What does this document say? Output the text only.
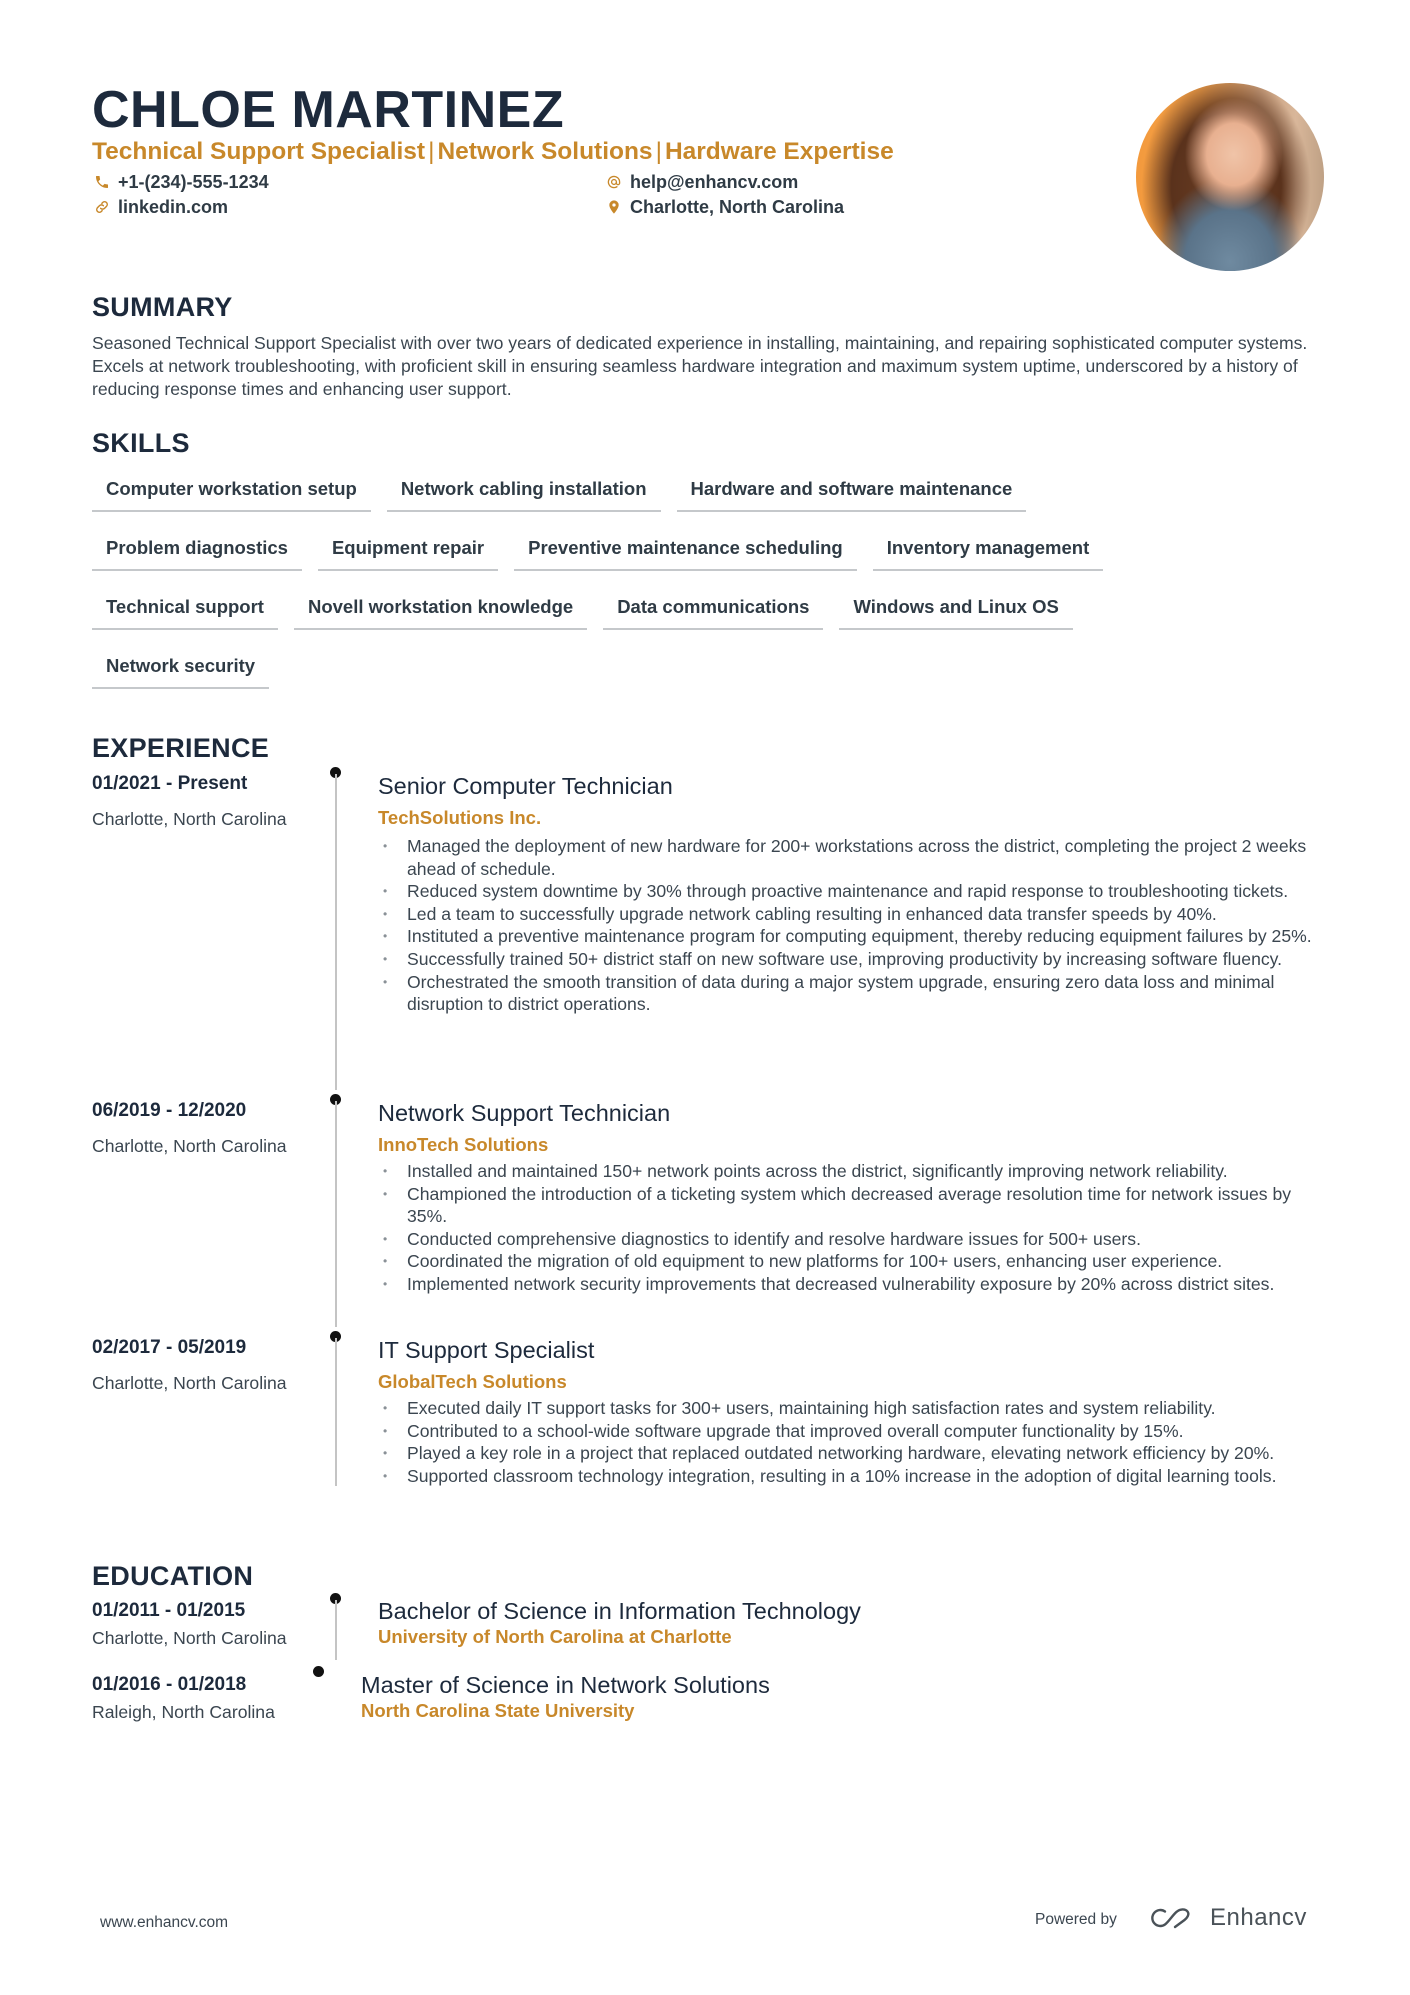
CHLOE MARTINEZ
Technical Support Specialist | Network Solutions | Hardware Expertise
+1-(234)-555-1234
linkedin.com
help@enhancv.com
Charlotte, North Carolina
SUMMARY

Seasoned Technical Support Specialist with over two years of dedicated experience in installing, maintaining, and repairing sophisticated computer systems. Excels at network troubleshooting, with proficient skill in ensuring seamless hardware integration and maximum system uptime, underscored by a history of reducing response times and enhancing user support.

SKILLS
Computer workstation setup	Network cabling installation	Hardware and software maintenance
Problem diagnostics	Equipment repair	Preventive maintenance scheduling	Inventory management
Technical support	Novell workstation knowledge	Data communications	Windows and Linux OS
Network security
EXPERIENCE
01/2021 - Present
Charlotte, North Carolina
Senior Computer Technician
TechSolutions Inc.
• Managed the deployment of new hardware for 200+ workstations across the district, completing the project 2 weeks ahead of schedule.
• Reduced system downtime by 30% through proactive maintenance and rapid response to troubleshooting tickets.
• Led a team to successfully upgrade network cabling resulting in enhanced data transfer speeds by 40%.
• Instituted a preventive maintenance program for computing equipment, thereby reducing equipment failures by 25%.
• Successfully trained 50+ district staff on new software use, improving productivity by increasing software fluency.
• Orchestrated the smooth transition of data during a major system upgrade, ensuring zero data loss and minimal disruption to district operations.
06/2019 - 12/2020
Charlotte, North Carolina
Network Support Technician
InnoTech Solutions
• Installed and maintained 150+ network points across the district, significantly improving network reliability.
• Championed the introduction of a ticketing system which decreased average resolution time for network issues by 35%.
• Conducted comprehensive diagnostics to identify and resolve hardware issues for 500+ users.
• Coordinated the migration of old equipment to new platforms for 100+ users, enhancing user experience.
• Implemented network security improvements that decreased vulnerability exposure by 20% across district sites.
02/2017 - 05/2019
Charlotte, North Carolina
IT Support Specialist
GlobalTech Solutions
• Executed daily IT support tasks for 300+ users, maintaining high satisfaction rates and system reliability.
• Contributed to a school-wide software upgrade that improved overall computer functionality by 15%.
• Played a key role in a project that replaced outdated networking hardware, elevating network efficiency by 20%.
• Supported classroom technology integration, resulting in a 10% increase in the adoption of digital learning tools.
EDUCATION
01/2011 - 01/2015
Charlotte, North Carolina
Bachelor of Science in Information Technology
University of North Carolina at Charlotte
01/2016 - 01/2018
Raleigh, North Carolina
Master of Science in Network Solutions
North Carolina State University
www.enhancv.com	Powered by	Enhancv
